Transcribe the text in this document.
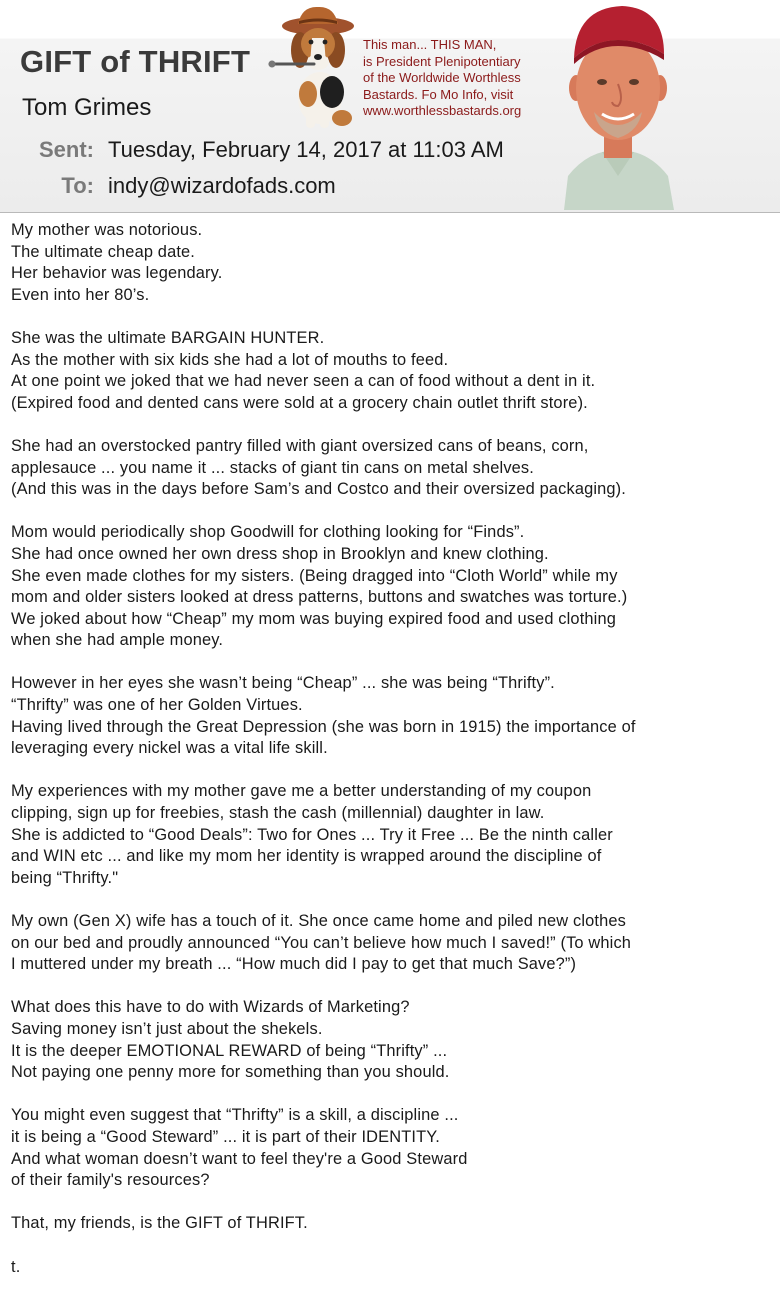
GIFT of THRIFT
Tom Grimes
Sent: Tuesday, February 14, 2017 at 11:03 AM
To: indy@wizardofads.com
This man... THIS MAN,
is President Plenipotentiary
of the Worldwide Worthless
Bastards. Fo Mo Info, visit
www.worthlessbastards.org
My mother was notorious.
The ultimate cheap date.
Her behavior was legendary.
Even into her 80’s.
She was the ultimate BARGAIN HUNTER.
As the mother with six kids she had a lot of mouths to feed.
At one point we joked that we had never seen a can of food without a dent in it.
(Expired food and dented cans were sold at a grocery chain outlet thrift store).
She had an overstocked pantry filled with giant oversized cans of beans, corn,
applesauce ... you name it ... stacks of giant tin cans on metal shelves.
(And this was in the days before Sam’s and Costco and their oversized packaging).
Mom would periodically shop Goodwill for clothing looking for “Finds”.
She had once owned her own dress shop in Brooklyn and knew clothing.
She even made clothes for my sisters. (Being dragged into “Cloth World” while my
mom and older sisters looked at dress patterns, buttons and swatches was torture.)
We joked about how “Cheap” my mom was buying expired food and used clothing
when she had ample money.
However in her eyes she wasn’t being “Cheap” ... she was being “Thrifty”.
“Thrifty” was one of her Golden Virtues.
Having lived through the Great Depression (she was born in 1915) the importance of
leveraging every nickel was a vital life skill.
My experiences with my mother gave me a better understanding of my coupon
clipping, sign up for freebies, stash the cash (millennial) daughter in law.
She is addicted to “Good Deals”: Two for Ones ... Try it Free ... Be the ninth caller
and WIN etc ... and like my mom her identity is wrapped around the discipline of
being “Thrifty."
My own (Gen X) wife has a touch of it. She once came home and piled new clothes
on our bed and proudly announced “You can’t believe how much I saved!” (To which
I muttered under my breath ... “How much did I pay to get that much Save?”)
What does this have to do with Wizards of Marketing?
Saving money isn’t just about the shekels.
It is the deeper EMOTIONAL REWARD of being “Thrifty” ...
Not paying one penny more for something than you should.
You might even suggest that “Thrifty” is a skill, a discipline ...
it is being a “Good Steward” ... it is part of their IDENTITY.
And what woman doesn’t want to feel they're a Good Steward
of their family's resources?
That, my friends, is the GIFT of THRIFT.
t.
